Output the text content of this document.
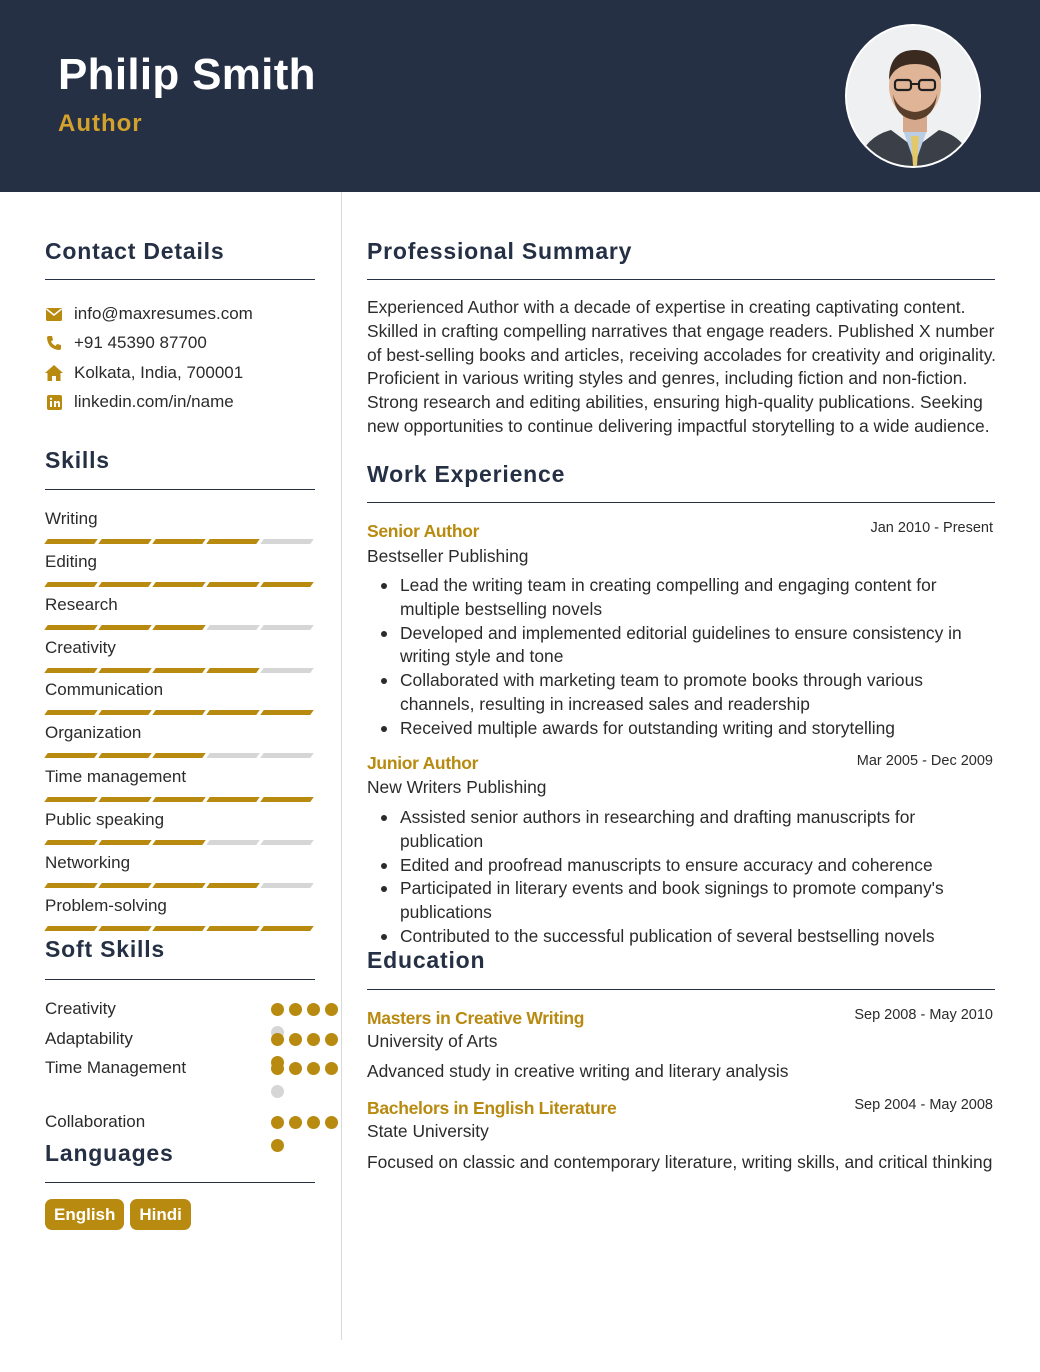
Philip Smith
Author
Contact Details
info@maxresumes.com
+91 45390 87700
Kolkata, India, 700001
linkedin.com/in/name
Skills
Writing
Editing
Research
Creativity
Communication
Organization
Time management
Public speaking
Networking
Problem-solving
Soft Skills
Creativity
Adaptability
Time Management
Collaboration
Languages
English	Hindi
Professional Summary
Experienced Author with a decade of expertise in creating captivating content. Skilled in crafting compelling narratives that engage readers. Published X number of best-selling books and articles, receiving accolades for creativity and originality. Proficient in various writing styles and genres, including fiction and non-fiction. Strong research and editing abilities, ensuring high-quality publications. Seeking new opportunities to continue delivering impactful storytelling to a wide audience.
Work Experience
Senior Author	Jan 2010 - Present
Bestseller Publishing
Lead the writing team in creating compelling and engaging content for multiple bestselling novels
Developed and implemented editorial guidelines to ensure consistency in writing style and tone
Collaborated with marketing team to promote books through various channels, resulting in increased sales and readership
Received multiple awards for outstanding writing and storytelling
Junior Author	Mar 2005 - Dec 2009
New Writers Publishing
Assisted senior authors in researching and drafting manuscripts for publication
Edited and proofread manuscripts to ensure accuracy and coherence
Participated in literary events and book signings to promote company's publications
Contributed to the successful publication of several bestselling novels
Education
Masters in Creative Writing	Sep 2008 - May 2010
University of Arts
Advanced study in creative writing and literary analysis
Bachelors in English Literature	Sep 2004 - May 2008
State University
Focused on classic and contemporary literature, writing skills, and critical thinking
